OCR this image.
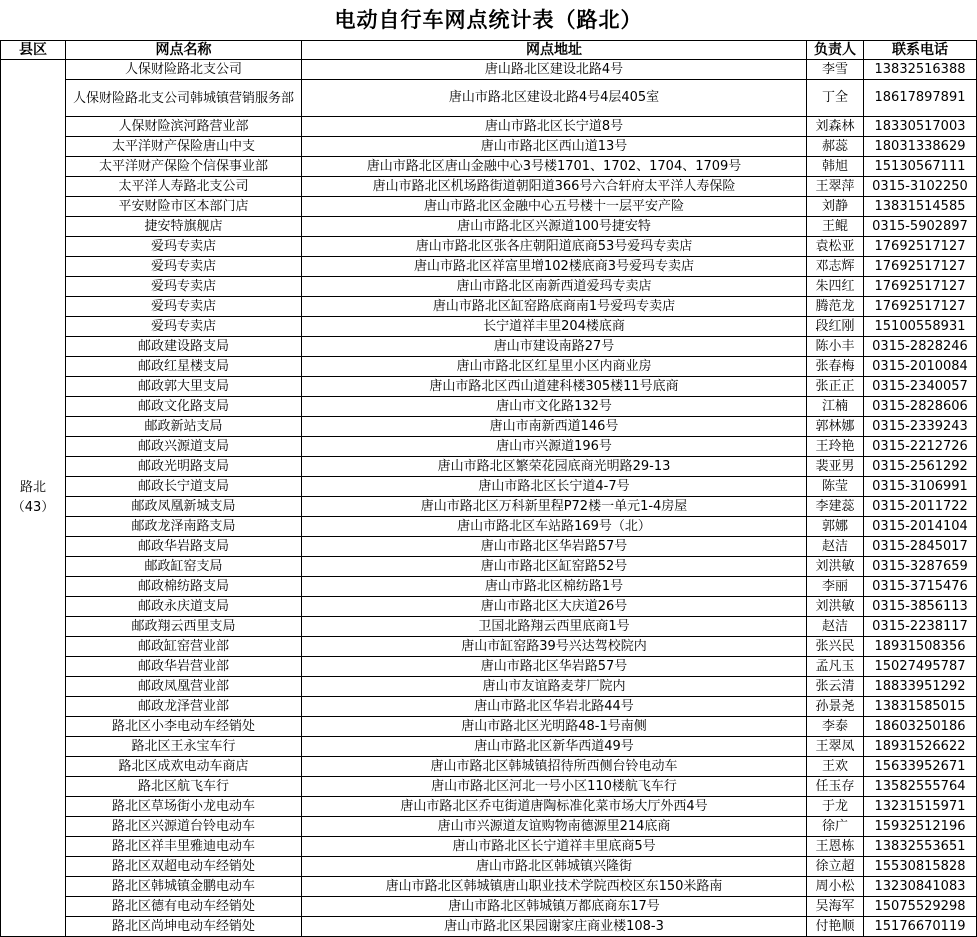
电动自行车网点统计表（路北）
县区	网点名称	网点地址	负责人	联系电话

路北
（43）	人保财险路北支公司	唐山路北区建设北路4号	李雪	13832516388
	人保财险路北支公司韩城镇营销服务部	唐山市路北区建设北路4号4层405室	丁全	18617897891
	人保财险滨河路营业部	唐山市路北区长宁道8号	刘森林	18330517003
	太平洋财产保险唐山中支	唐山市路北区西山道13号	郝蕊	18031338629
	太平洋财产保险个信保事业部	唐山市路北区唐山金融中心3号楼1701、1702、1704、1709号	韩旭	15130567111
	太平洋人寿路北支公司	唐山市路北区机场路街道朝阳道366号六合轩府太平洋人寿保险	王翠萍	0315-3102250
	平安财险市区本部门店	唐山市路北区金融中心五号楼十一层平安产险	刘静	13831514585
	捷安特旗舰店	唐山市路北区兴源道100号捷安特	王鲲	0315-5902897
	爱玛专卖店	唐山市路北区张各庄朝阳道底商53号爱玛专卖店	袁松亚	17692517127
	爱玛专卖店	唐山市路北区祥富里增102楼底商3号爱玛专卖店	邓志辉	17692517127
	爱玛专卖店	唐山市路北区南新西道爱玛专卖店	朱四红	17692517127
	爱玛专卖店	唐山市路北区缸窑路底商南1号爱玛专卖店	腾范龙	17692517127
	爱玛专卖店	长宁道祥丰里204楼底商	段红刚	15100558931
	邮政建设路支局	唐山市建设南路27号	陈小丰	0315-2828246
	邮政红星楼支局	唐山市路北区红星里小区内商业房	张春梅	0315-2010084
	邮政郭大里支局	唐山市路北区西山道建科楼305楼11号底商	张正正	0315-2340057
	邮政文化路支局	唐山市文化路132号	江楠	0315-2828606
	邮政新站支局	唐山市南新西道146号	郭林娜	0315-2339243
	邮政兴源道支局	唐山市兴源道196号	王玲艳	0315-2212726
	邮政光明路支局	唐山市路北区繁荣花园底商光明路29-13	裴亚男	0315-2561292
	邮政长宁道支局	唐山市路北区长宁道4-7号	陈莹	0315-3106991
	邮政凤凰新城支局	唐山市路北区万科新里程P72楼一单元1-4房屋	李建蕊	0315-2011722
	邮政龙泽南路支局	唐山市路北区车站路169号（北）	郭娜	0315-2014104
	邮政华岩路支局	唐山市路北区华岩路57号	赵洁	0315-2845017
	邮政缸窑支局	唐山市路北区缸窑路52号	刘洪敏	0315-3287659
	邮政棉纺路支局	唐山市路北区棉纺路1号	李丽	0315-3715476
	邮政永庆道支局	唐山市路北区大庆道26号	刘洪敏	0315-3856113
	邮政翔云西里支局	卫国北路翔云西里底商1号	赵洁	0315-2238117
	邮政缸窑营业部	唐山市缸窑路39号兴达驾校院内	张兴民	18931508356
	邮政华岩营业部	唐山市路北区华岩路57号	孟凡玉	15027495787
	邮政凤凰营业部	唐山市友谊路麦芽厂院内	张云清	18833951292
	邮政龙泽营业部	唐山市路北区华岩北路44号	孙景尧	13831585015
	路北区小李电动车经销处	唐山市路北区光明路48-1号南侧	李泰	18603250186
	路北区王永宝车行	唐山市路北区新华西道49号	王翠凤	18931526622
	路北区成欢电动车商店	唐山市路北区韩城镇招待所西侧台铃电动车	王欢	15633952671
	路北区航飞车行	唐山市路北区河北一号小区110楼航飞车行	任玉存	13582555764
	路北区草场街小龙电动车	唐山市路北区乔屯街道唐陶标准化菜市场大厅外西4号	于龙	13231515971
	路北区兴源道台铃电动车	唐山市兴源道友谊购物南德源里214底商	徐广	15932512196
	路北区祥丰里雅迪电动车	唐山市路北区长宁道祥丰里底商5号	王恩栋	13832553651
	路北区双超电动车经销处	唐山市路北区韩城镇兴隆街	徐立超	15530815828
	路北区韩城镇金鹏电动车	唐山市路北区韩城镇唐山职业技术学院西校区东150米路南	周小松	13230841083
	路北区德有电动车经销处	唐山市路北区韩城镇万都底商东17号	吴海军	15075529298
	路北区尚坤电动车经销处	唐山市路北区果园谢家庄商业楼108-3	付艳顺	15176670119
